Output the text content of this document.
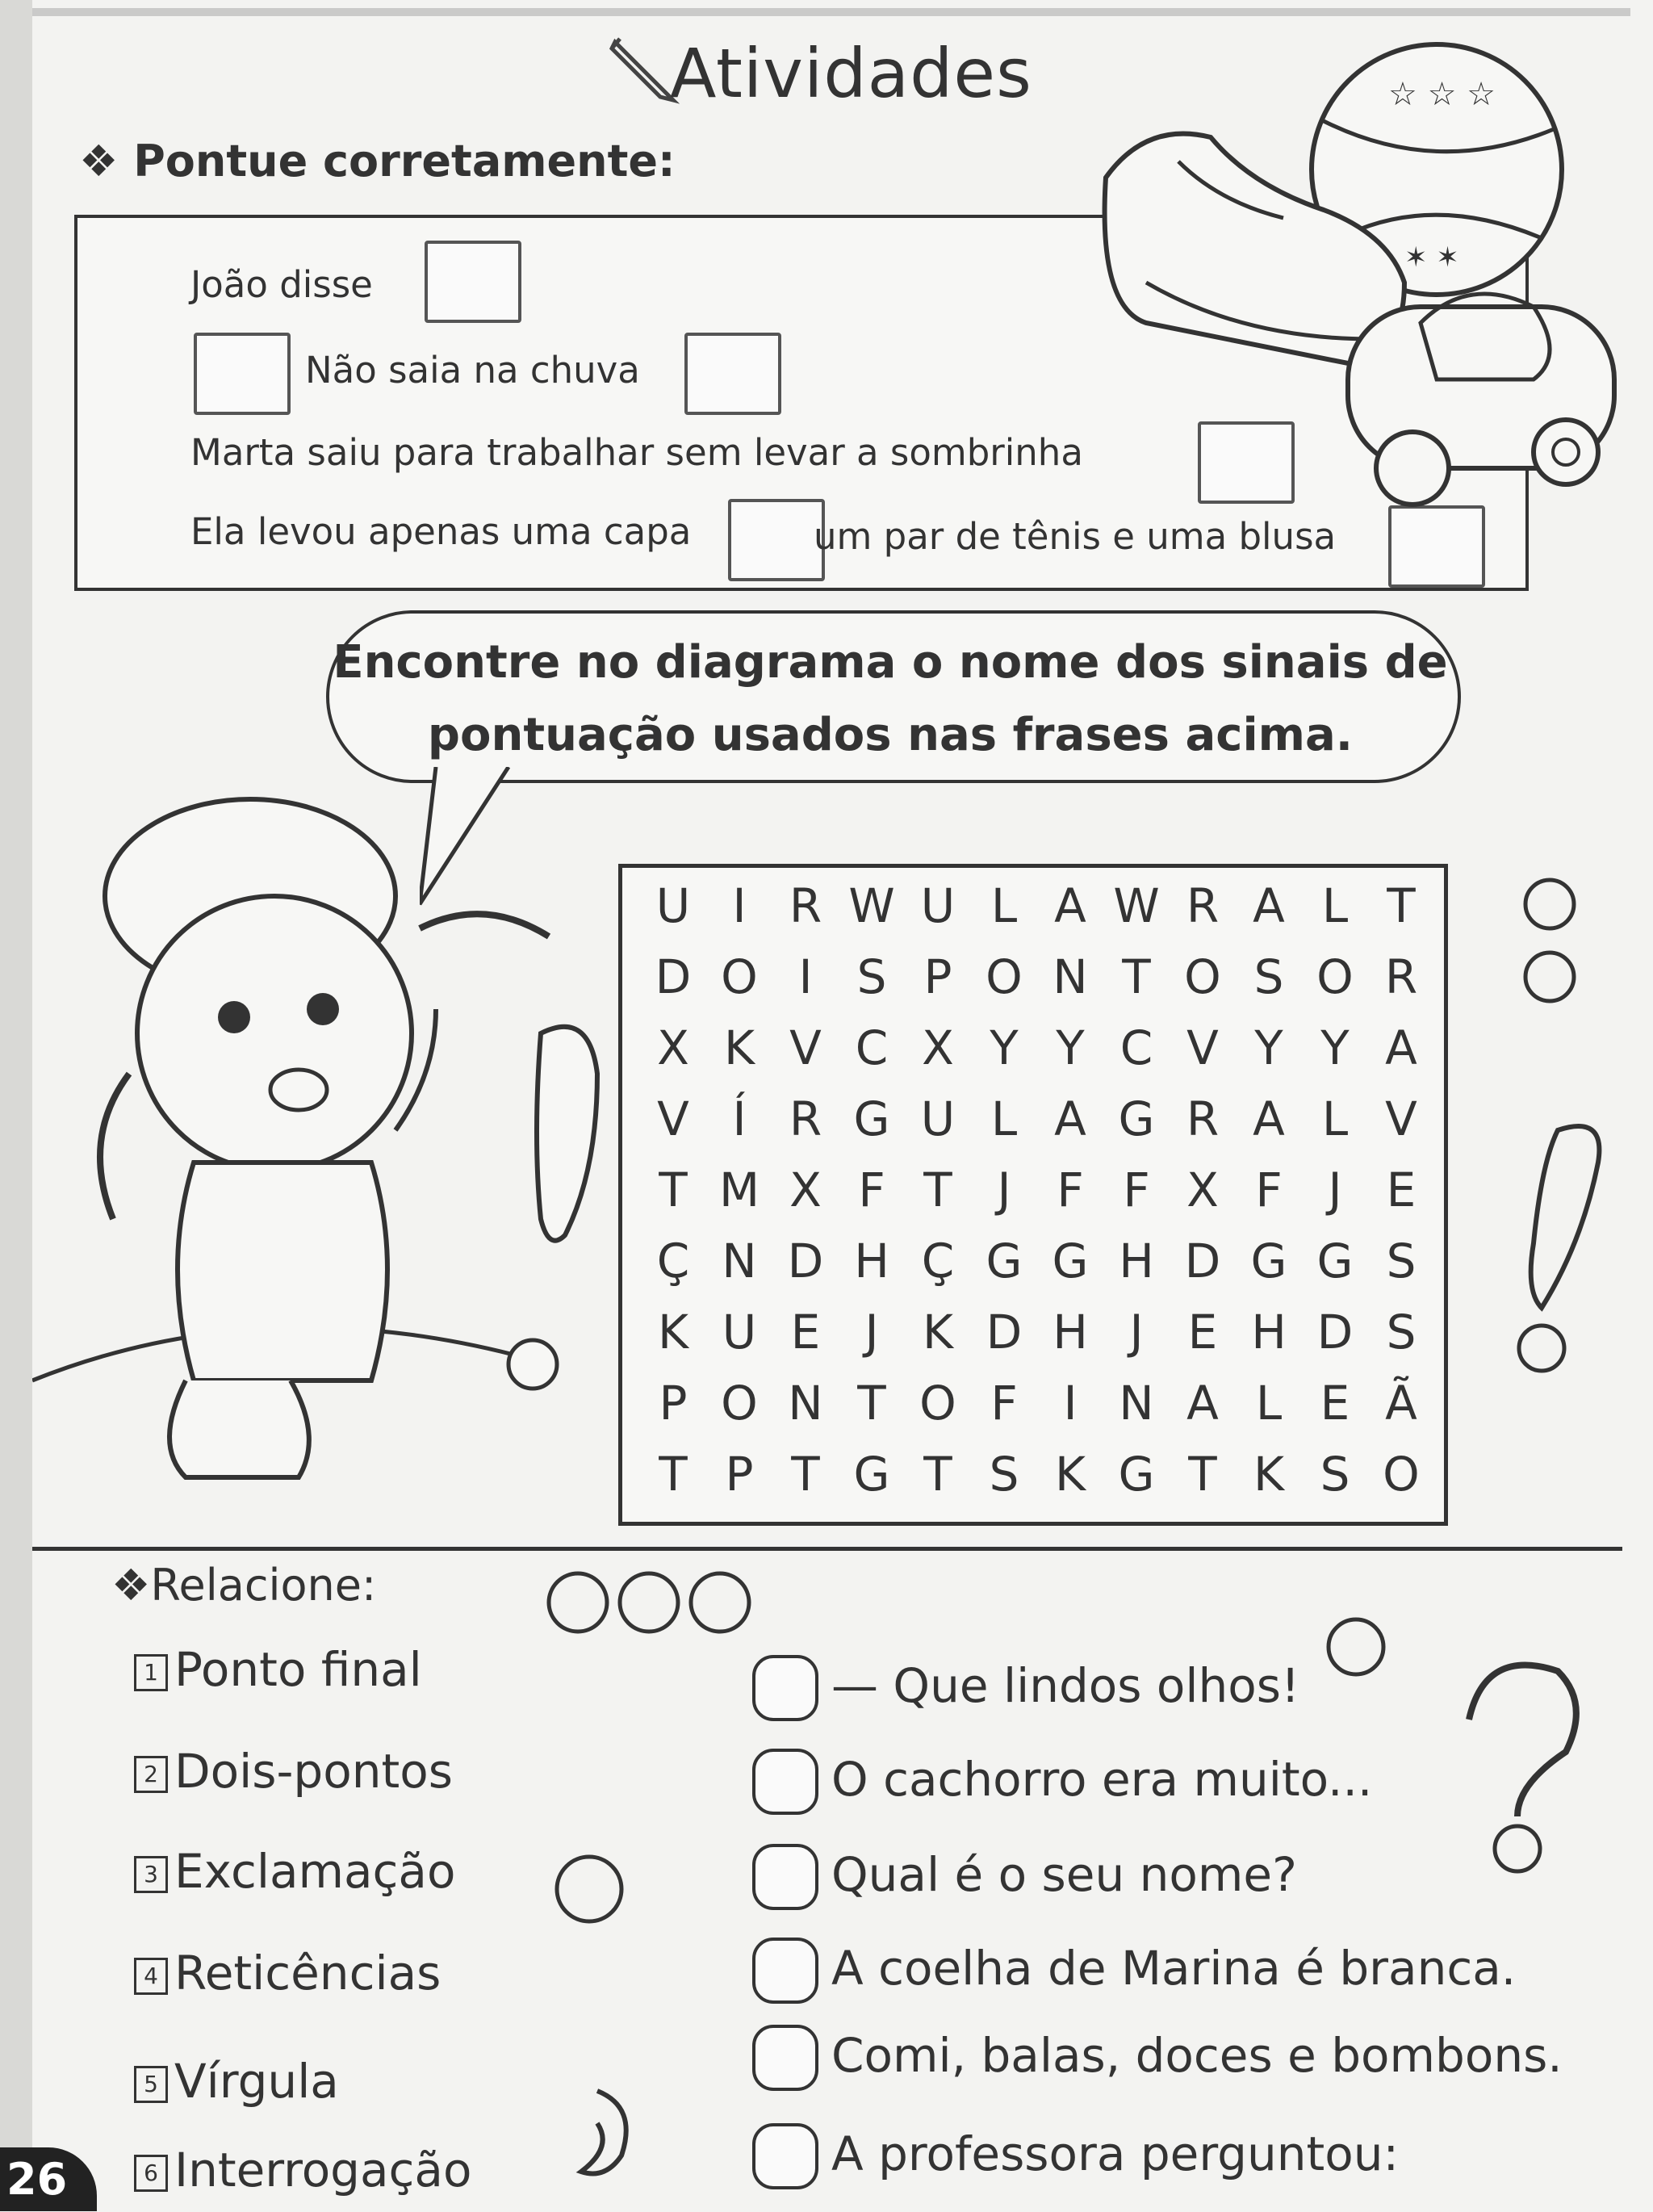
Atividades
❖ Pontue corretamente:
João disse
Não saia na chuva
Marta saiu para trabalhar sem levar a sombrinha
Ela levou apenas uma capa	um par de tênis e uma blusa
☆ ☆ ☆
✶ ✶
Encontre no diagrama o nome dos sinais de
pontuação usados nas frases acima.
U I R W U L A W R A L T
D O I S P O N T O S O R
X K V C X Y Y C V Y Y A
V Í R G U L A G R A L V
T M X F T J F F X F J E
Ç N D H Ç G G H D G G S
K U E J K D H J E H D S
P O N T O F I N A L E Ã
T P T G T S K G T K S O
❖Relacione:
1 Ponto final
2 Dois-pontos
3 Exclamação
4 Reticências
5 Vírgula
6 Interrogação
— Que lindos olhos!
O cachorro era muito...
Qual é o seu nome?
A coelha de Marina é branca.
Comi, balas, doces e bombons.
A professora perguntou:
26
